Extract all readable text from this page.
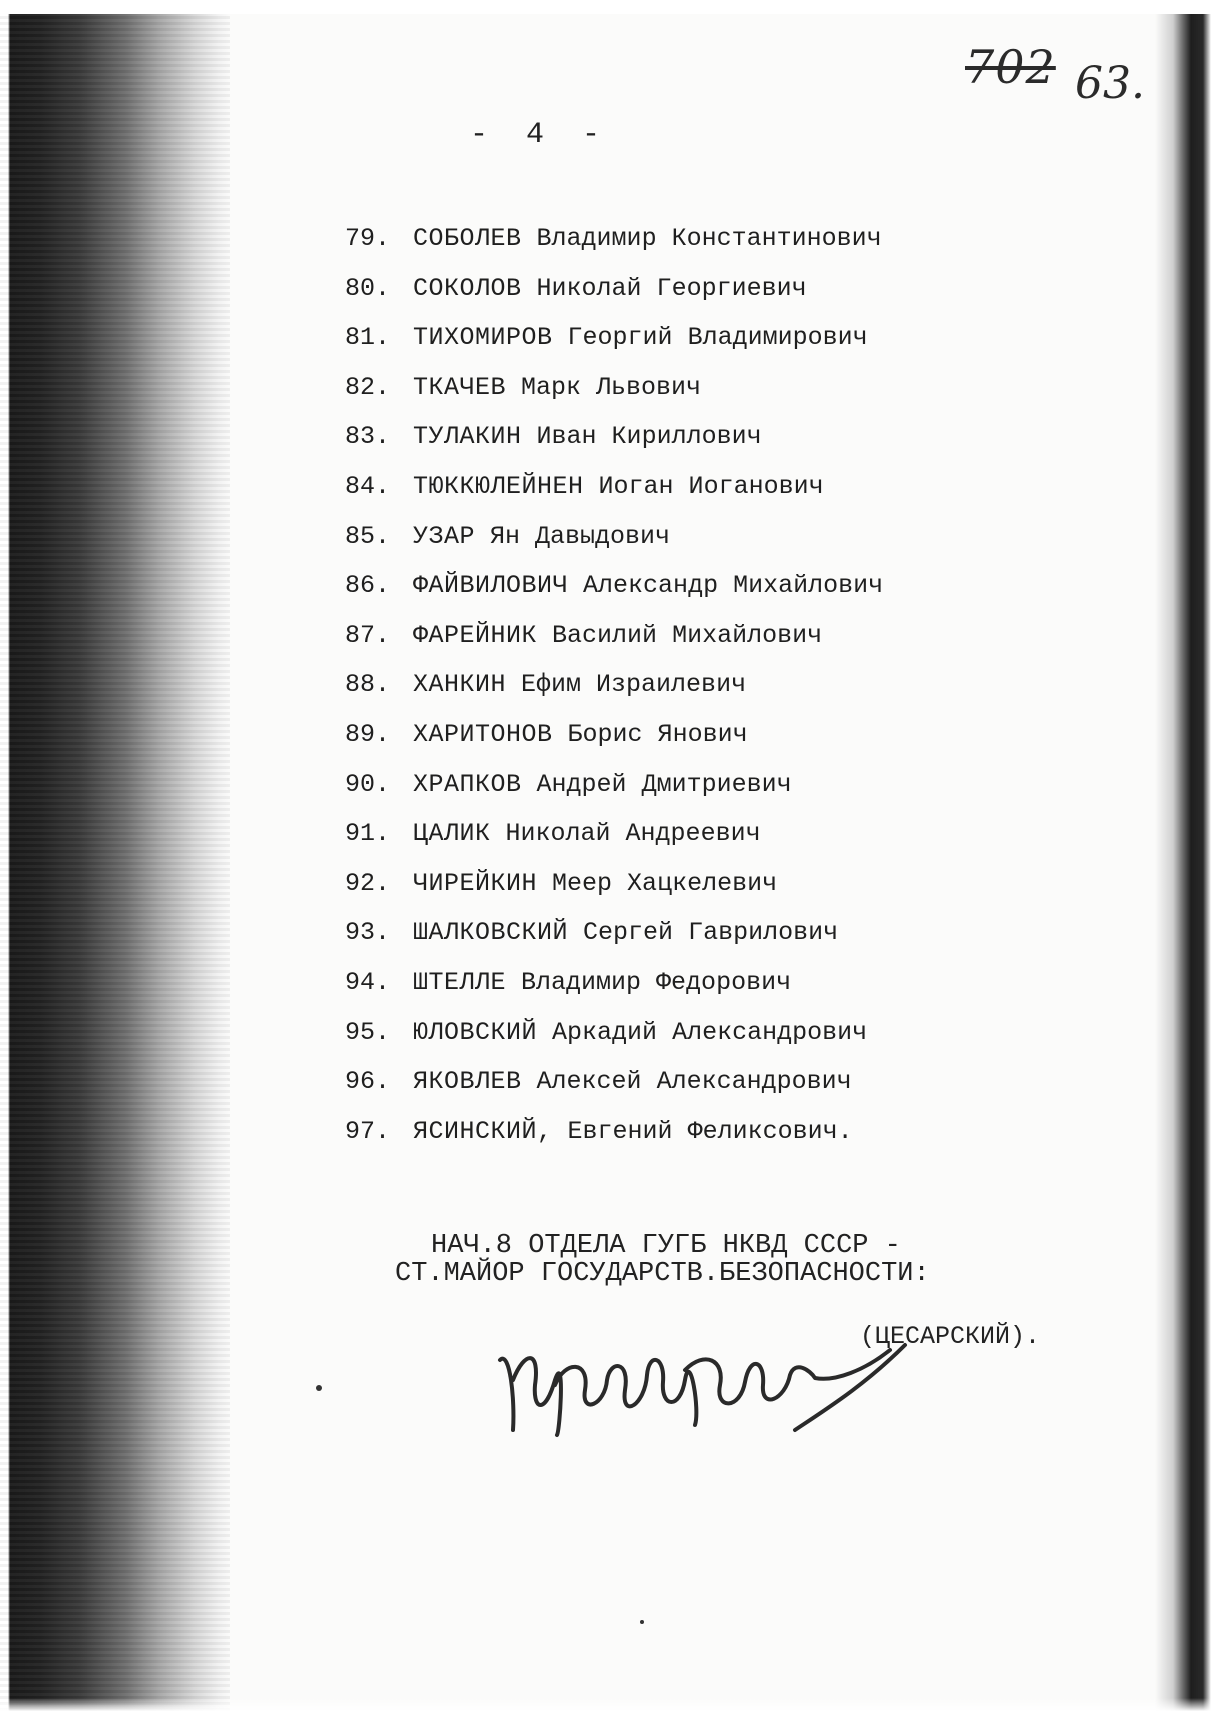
702 63.
- 4 -
79. СОБОЛЕВ Владимир Константинович
80. СОКОЛОВ Николай Георгиевич
81. ТИХОМИРОВ Георгий Владимирович
82. ТКАЧЕВ Марк Львович
83. ТУЛАКИН Иван Кириллович
84. ТЮККЮЛЕЙНЕН Иоган Иоганович
85. УЗАР Ян Давыдович
86. ФАЙВИЛОВИЧ Александр Михайлович
87. ФАРЕЙНИК Василий Михайлович
88. ХАНКИН Ефим Израилевич
89. ХАРИТОНОВ Борис Янович
90. ХРАПКОВ Андрей Дмитриевич
91. ЦАЛИК Николай Андреевич
92. ЧИРЕЙКИН Меер Хацкелевич
93. ШАЛКОВСКИЙ Сергей Гаврилович
94. ШТЕЛЛЕ Владимир Федорович
95. ЮЛОВСКИЙ Аркадий Александрович
96. ЯКОВЛЕВ Алексей Александрович
97. ЯСИНСКИЙ, Евгений Феликсович.
НАЧ.8 ОТДЕЛА ГУГБ НКВД СССР -
СТ.МАЙОР ГОСУДАРСТВ.БЕЗОПАСНОСТИ:
(ЦЕСАРСКИЙ).
